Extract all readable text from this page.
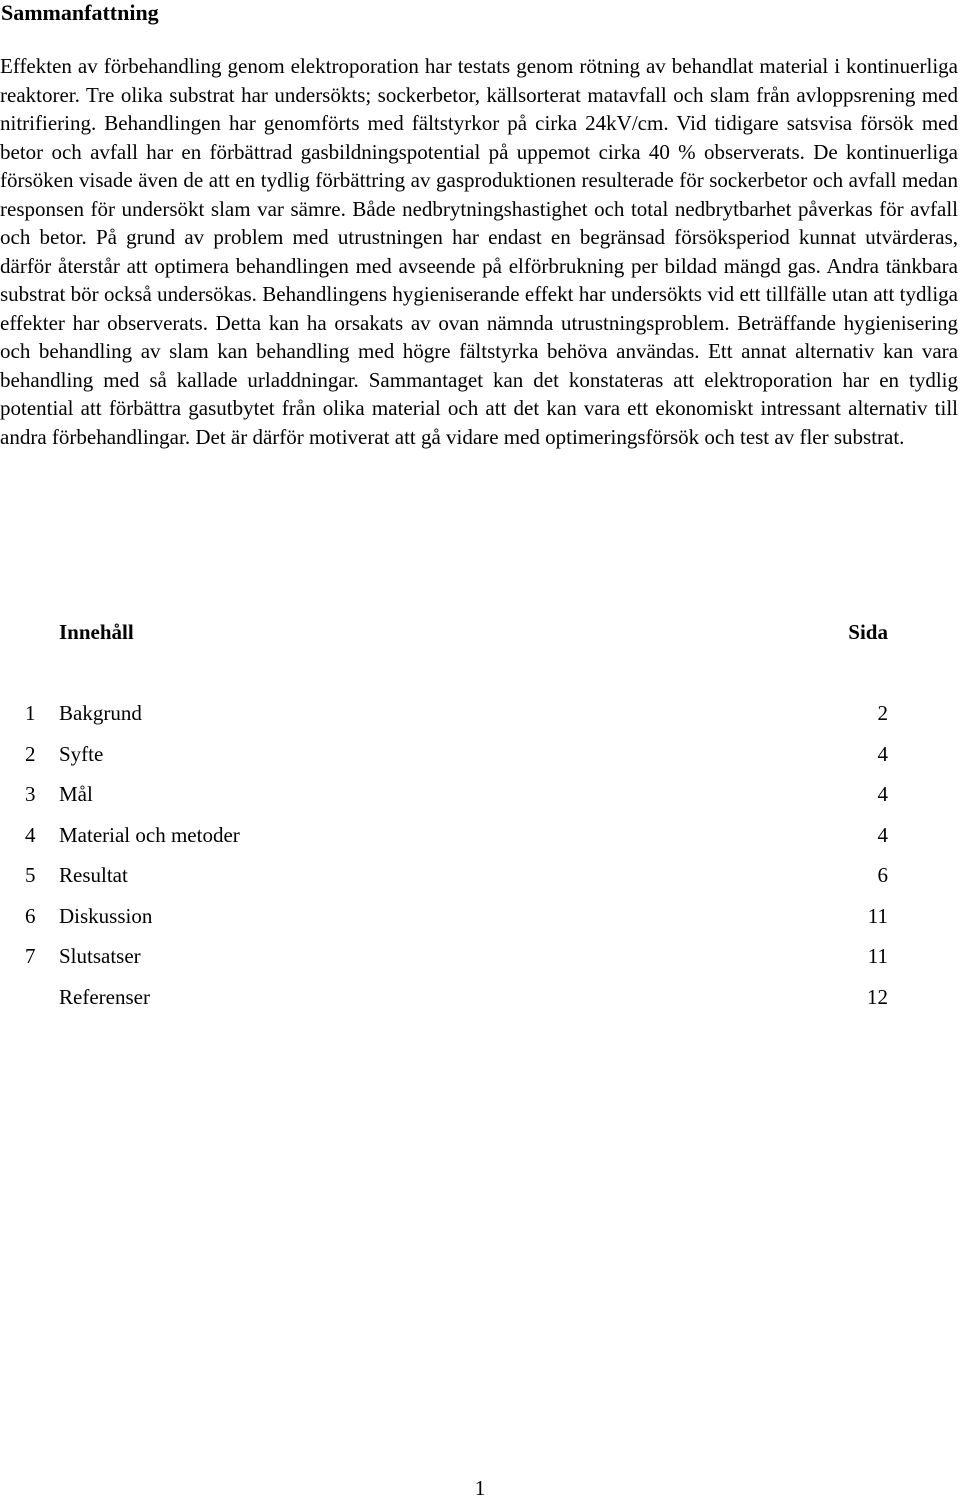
Sammanfattning

Effekten av förbehandling genom elektroporation har testats genom rötning av behandlat material i kontinuerliga reaktorer. Tre olika substrat har undersökts; sockerbetor, källsorterat matavfall och slam från avloppsrening med nitrifiering. Behandlingen har genomförts med fältstyrkor på cirka 24kV/cm. Vid tidigare satsvisa försök med betor och avfall har en förbättrad gasbildningspotential på uppemot cirka 40 % observerats. De kontinuerliga försöken visade även de att en tydlig förbättring av gasproduktionen resulterade för sockerbetor och avfall medan responsen för undersökt slam var sämre. Både nedbrytningshastighet och total nedbrytbarhet påverkas för avfall och betor. På grund av problem med utrustningen har endast en begränsad försöksperiod kunnat utvärderas, därför återstår att optimera behandlingen med avseende på elförbrukning per bildad mängd gas. Andra tänkbara substrat bör också undersökas. Behandlingens hygieniserande effekt har undersökts vid ett tillfälle utan att tydliga effekter har observerats. Detta kan ha orsakats av ovan nämnda utrustningsproblem. Beträffande hygienisering och behandling av slam kan behandling med högre fältstyrka behöva användas. Ett annat alternativ kan vara behandling med så kallade urladdningar. Sammantaget kan det konstateras att elektroporation har en tydlig potential att förbättra gasutbytet från olika material och att det kan vara ett ekonomiskt intressant alternativ till andra förbehandlingar. Det är därför motiverat att gå vidare med optimeringsförsök och test av fler substrat.

Innehåll	Sida
1 Bakgrund	2
2 Syfte	4
3 Mål	4
4 Material och metoder	4
5 Resultat	6
6 Diskussion	11
7 Slutsatser	11
Referenser	12
1
